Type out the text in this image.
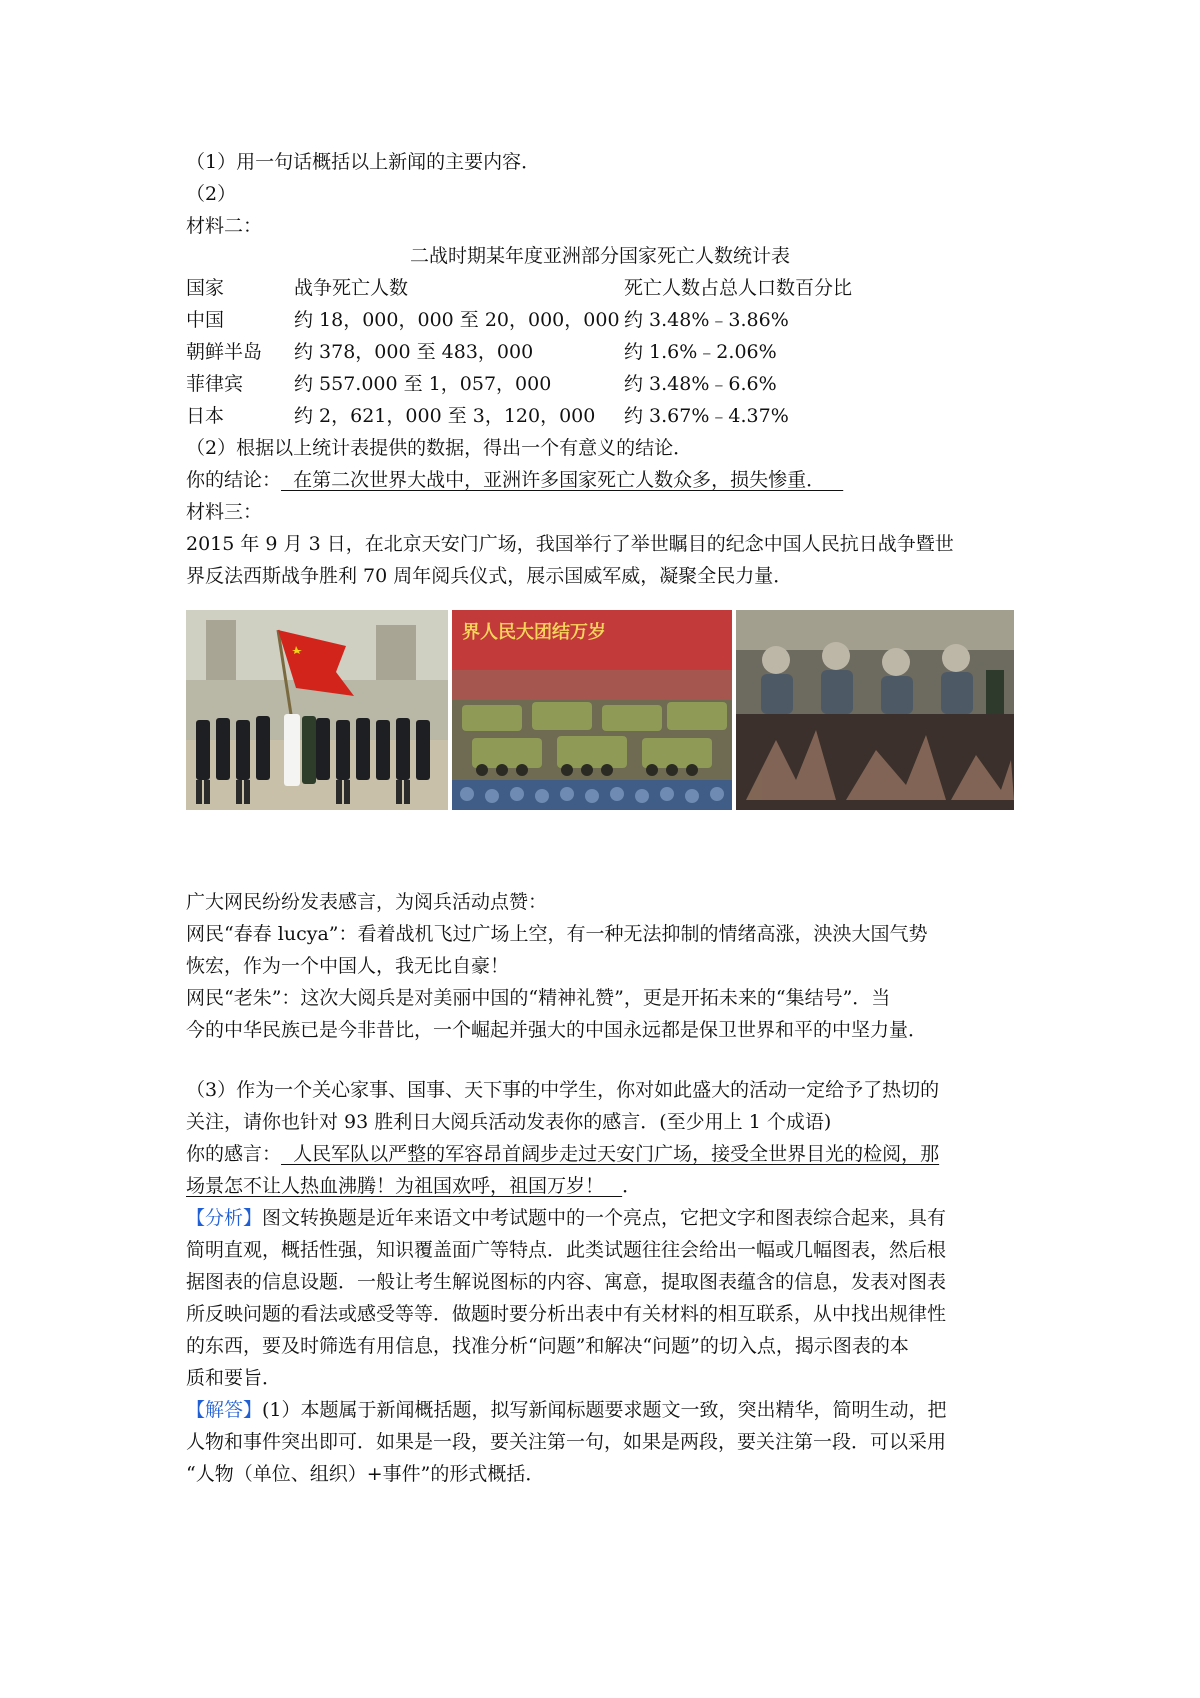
（1）用一句话概括以上新闻的主要内容．
（2）
材料二：
二战时期某年度亚洲部分国家死亡人数统计表
国家	战争死亡人数	死亡人数占总人口数百分比
中国	约 18，000，000 至 20，000，000 约 3.48%﹣3.86%
朝鲜半岛 约 378，000 至 483，000	约 1.6%﹣2.06%
菲律宾	约 557.000 至 1，057，000	约 3.48%﹣6.6%
日本	约 2，621，000 至 3，120，000 约 3.67%﹣4.37%
（2）根据以上统计表提供的数据，得出一个有意义的结论．
你的结论：  在第二次世界大战中，亚洲许多国家死亡人数众多，损失惨重．
材料三：
2015 年 9 月 3 日，在北京天安门广场，我国举行了举世瞩目的纪念中国人民抗日战争暨世
界反法西斯战争胜利 70 周年阅兵仪式，展示国威军威，凝聚全民力量．
界人民大团结万岁
广大网民纷纷发表感言，为阅兵活动点赞：
网民“春春 lucya”：看着战机飞过广场上空，有一种无法抑制的情绪高涨，泱泱大国气势
恢宏，作为一个中国人，我无比自豪！
网民“老朱”：这次大阅兵是对美丽中国的“精神礼赞”，更是开拓未来的“集结号”．当
今的中华民族已是今非昔比，一个崛起并强大的中国永远都是保卫世界和平的中坚力量．
（3）作为一个关心家事、国事、天下事的中学生，你对如此盛大的活动一定给予了热切的
关注，请你也针对 93 胜利日大阅兵活动发表你的感言．(至少用上 1 个成语)
你的感言：  人民军队以严整的军容昂首阔步走过天安门广场，接受全世界目光的检阅，那
场景怎不让人热血沸腾！为祖国欢呼，祖国万岁！   ．
【分析】图文转换题是近年来语文中考试题中的一个亮点，它把文字和图表综合起来，具有
简明直观，概括性强，知识覆盖面广等特点．此类试题往往会给出一幅或几幅图表，然后根
据图表的信息设题．一般让考生解说图标的内容、寓意，提取图表蕴含的信息，发表对图表
所反映问题的看法或感受等等．做题时要分析出表中有关材料的相互联系，从中找出规律性
的东西，要及时筛选有用信息，找准分析“问题”和解决“问题”的切入点，揭示图表的本
质和要旨．
【解答】(1）本题属于新闻概括题，拟写新闻标题要求题文一致，突出精华，简明生动，把
人物和事件突出即可．如果是一段，要关注第一句，如果是两段，要关注第一段．可以采用
“人物（单位、组织）+事件”的形式概括．
